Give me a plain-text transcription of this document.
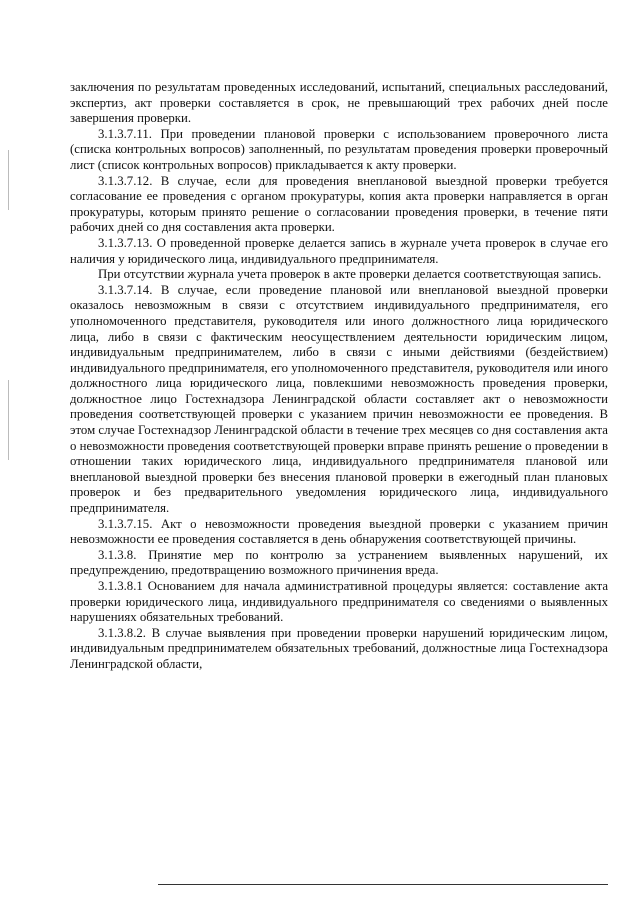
заключения по результатам проведенных исследований, испытаний, специальных расследований, экспертиз, акт проверки составляется в срок, не превышающий трех рабочих дней после завершения проверки.

3.1.3.7.11. При проведении плановой проверки с использованием проверочного листа (списка контрольных вопросов) заполненный, по результатам проведения проверки проверочный лист (список контрольных вопросов) прикладывается к акту проверки.

3.1.3.7.12. В случае, если для проведения внеплановой выездной проверки требуется согласование ее проведения с органом прокуратуры, копия акта проверки направляется в орган прокуратуры, которым принято решение о согласовании проведения проверки, в течение пяти рабочих дней со дня составления акта проверки.

3.1.3.7.13. О проведенной проверке делается запись в журнале учета проверок в случае его наличия у юридического лица, индивидуального предпринимателя.

При отсутствии журнала учета проверок в акте проверки делается соответствующая запись.

3.1.3.7.14. В случае, если проведение плановой или внеплановой выездной проверки оказалось невозможным в связи с отсутствием индивидуального предпринимателя, его уполномоченного представителя, руководителя или иного должностного лица юридического лица, либо в связи с фактическим неосуществлением деятельности юридическим лицом, индивидуальным предпринимателем, либо в связи с иными действиями (бездействием) индивидуального предпринимателя, его уполномоченного представителя, руководителя или иного должностного лица юридического лица, повлекшими невозможность проведения проверки, должностное лицо Гостехнадзора Ленинградской области составляет акт о невозможности проведения соответствующей проверки с указанием причин невозможности ее проведения. В этом случае Гостехнадзор Ленинградской области в течение трех месяцев со дня составления акта о невозможности проведения соответствующей проверки вправе принять решение о проведении в отношении таких юридического лица, индивидуального предпринимателя плановой или внеплановой выездной проверки без внесения плановой проверки в ежегодный план плановых проверок и без предварительного уведомления юридического лица, индивидуального предпринимателя.

3.1.3.7.15. Акт о невозможности проведения выездной проверки с указанием причин невозможности ее проведения составляется в день обнаружения соответствующей причины.

3.1.3.8. Принятие мер по контролю за устранением выявленных нарушений, их предупреждению, предотвращению возможного причинения вреда.

3.1.3.8.1 Основанием для начала административной процедуры является: составление акта проверки юридического лица, индивидуального предпринимателя со сведениями о выявленных нарушениях обязательных требований.

3.1.3.8.2. В случае выявления при проведении проверки нарушений юридическим лицом, индивидуальным предпринимателем обязательных требований, должностные лица Гостехнадзора Ленинградской области,
